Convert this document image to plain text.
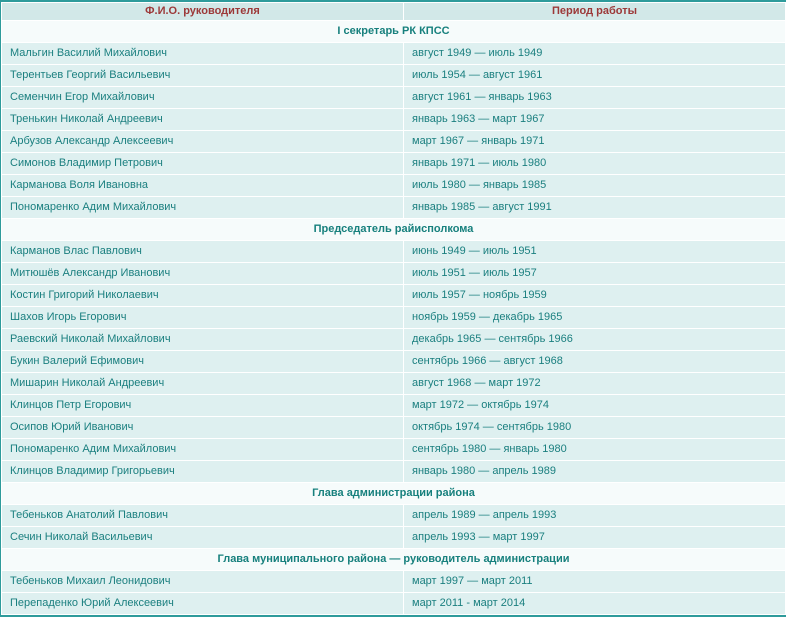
Ф.И.О. руководителя	Период работы
I секретарь РК КПСС	
Мальгин Василий Михайлович	август 1949 — июль 1949
Терентьев Георгий Васильевич	июль 1954 — август 1961
Семенчин Егор Михайлович	август 1961 — январь 1963
Тренькин Николай Андреевич	январь 1963 — март 1967
Арбузов Александр Алексеевич	март 1967 — январь 1971
Симонов Владимир Петрович	январь 1971 — июль 1980
Карманова Воля Ивановна	июль 1980 — январь 1985
Пономаренко Адим Михайлович	январь 1985 — август 1991
Председатель райисполкома	
Карманов Влас Павлович	июнь 1949 — июль 1951
Митюшёв Александр Иванович	июль 1951 — июль 1957
Костин Григорий Николаевич	июль 1957 — ноябрь 1959
Шахов Игорь Егорович	ноябрь 1959 — декабрь 1965
Раевский Николай Михайлович	декабрь 1965 — сентябрь 1966
Букин Валерий Ефимович	сентябрь 1966 — август 1968
Мишарин Николай Андреевич	август 1968 — март 1972
Клинцов Петр Егорович	март 1972 — октябрь 1974
Осипов Юрий Иванович	октябрь 1974 — сентябрь 1980
Пономаренко Адим Михайлович	сентябрь 1980 — январь 1980
Клинцов Владимир Григорьевич	январь 1980 — апрель 1989
Глава администрации района	
Тебеньков Анатолий Павлович	апрель 1989 — апрель 1993
Сечин Николай Васильевич	апрель 1993 — март 1997
Глава муниципального района — руководитель администрации	
Тебеньков Михаил Леонидович	март 1997 — март 2011
Перепаденко Юрий Алексеевич	март 2011 - март 2014
